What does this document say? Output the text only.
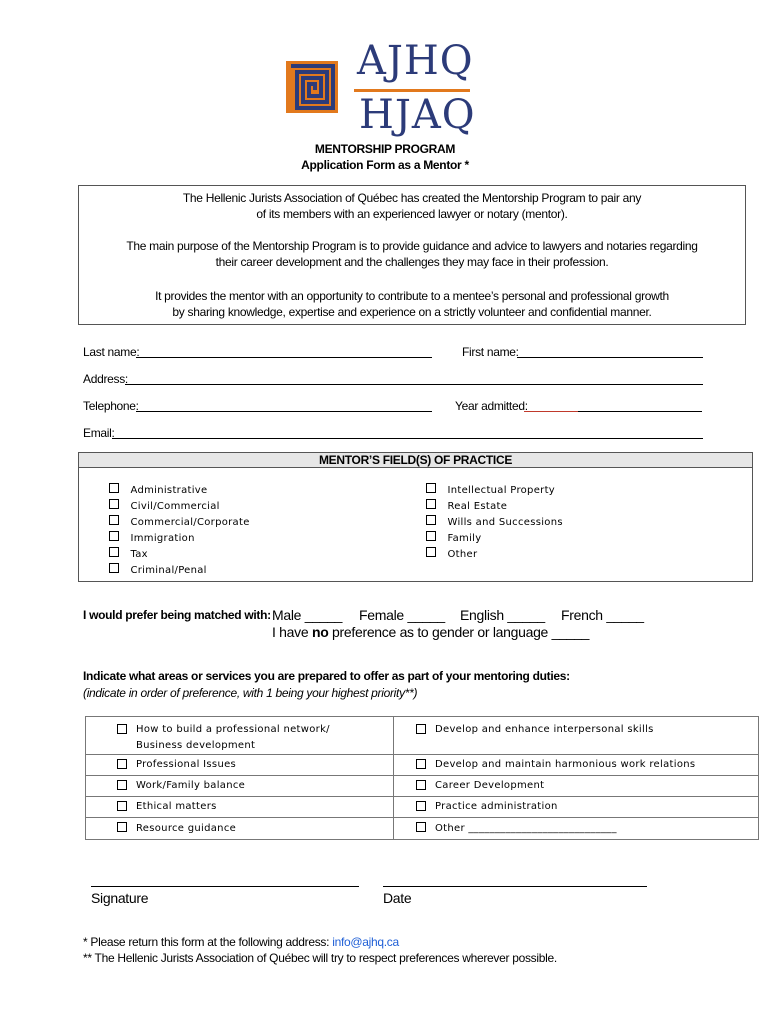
AJHQ
HJAQ
MENTORSHIP PROGRAM
Application Form as a Mentor *
The Hellenic Jurists Association of Québec has created the Mentorship Program to pair any
of its members with an experienced lawyer or notary (mentor).
The main purpose of the Mentorship Program is to provide guidance and advice to lawyers and notaries regarding
their career development and the challenges they may face in their profession.
It provides the mentor with an opportunity to contribute to a mentee’s personal and professional growth
by sharing knowledge, expertise and experience on a strictly volunteer and confidential manner.
Last name:	First name:
Address:
Telephone:	Year admitted:
Email:
MENTOR’S FIELD(S) OF PRACTICE
Administrative
Civil/Commercial
Commercial/Corporate
Immigration
Tax
Criminal/Penal
Intellectual Property
Real Estate
Wills and Successions
Family
Other
I would prefer being matched with: Male _____ Female _____ English _____ French _____
I have no preference as to gender or language _____
Indicate what areas or services you are prepared to offer as part of your mentoring duties:
(indicate in order of preference, with 1 being your highest priority**)
How to build a professional network/
Business development	Develop and enhance interpersonal skills

Professional Issues	Develop and maintain harmonious work relations

Work/Family balance	Career Development

Ethical matters	Practice administration

Resource guidance	Other ____________________________
Signature	Date
* Please return this form at the following address: info@ajhq.ca
** The Hellenic Jurists Association of Québec will try to respect preferences wherever possible.
